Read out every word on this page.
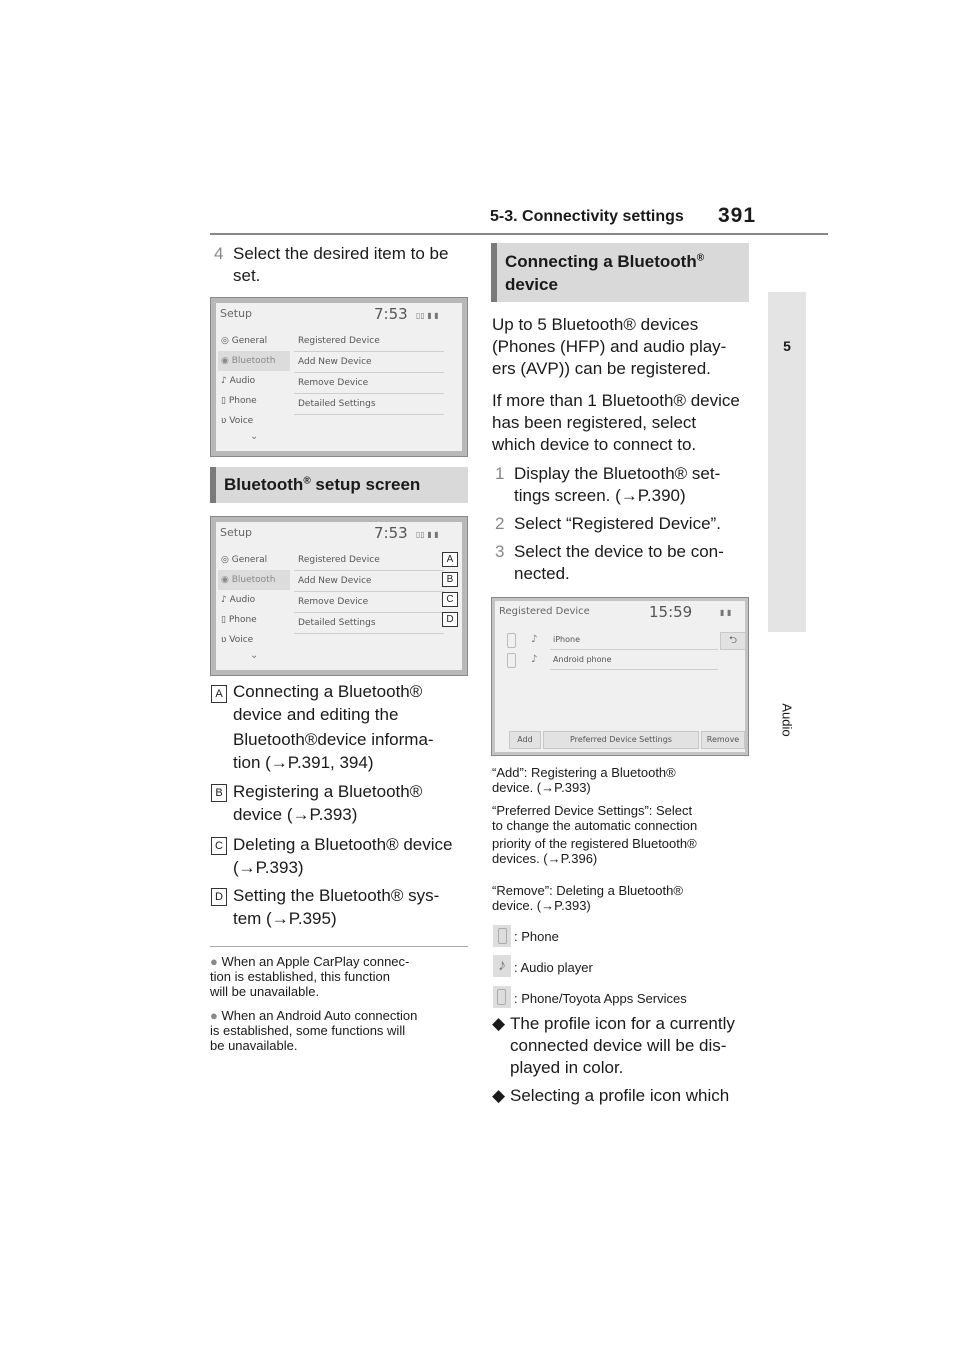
5-3. Connectivity settings 391
5
Audio
4 Select the desired item to be set.
Setup	7:53 ▯▯ ▮ ▮
◎ General
◉ Bluetooth
♪ Audio
▯ Phone
ʋ Voice
Registered Device
Add New Device
Remove Device
Detailed Settings
⌄
Bluetooth® setup screen
Setup	7:53 ▯▯ ▮ ▮
◎ General
◉ Bluetooth
♪ Audio
▯ Phone
ʋ Voice
Registered Device
Add New Device
Remove Device
Detailed Settings
A
B
C
D
⌄
A Connecting a Bluetooth®
device and editing the
Bluetooth®device informa-
tion (→P.391, 394)
B Registering a Bluetooth®
device (→P.393)
C Deleting a Bluetooth® device
(→P.393)
D Setting the Bluetooth® sys-
tem (→P.395)
● When an Apple CarPlay connec-
tion is established, this function
will be unavailable.
● When an Android Auto connection
is established, some functions will
be unavailable.
Connecting a Bluetooth®
device
Up to 5 Bluetooth® devices
(Phones (HFP) and audio play-
ers (AVP)) can be registered.
If more than 1 Bluetooth® device
has been registered, select
which device to connect to.
1 Display the Bluetooth® set-
tings screen. (→P.390)
2 Select “Registered Device”.
3 Select the device to be con-
nected.
Registered Device	15:59	▮ ▮
♪	iPhone	⮌
♪	Android phone
Add	Preferred Device Settings	Remove
“Add”: Registering a Bluetooth®
device. (→P.393)
“Preferred Device Settings”: Select
to change the automatic connection
priority of the registered Bluetooth®
devices. (→P.396)
“Remove”: Deleting a Bluetooth®
device. (→P.393)
: Phone
♪ : Audio player
: Phone/Toyota Apps Services
◆ The profile icon for a currently
connected device will be dis-
played in color.
◆ Selecting a profile icon which
